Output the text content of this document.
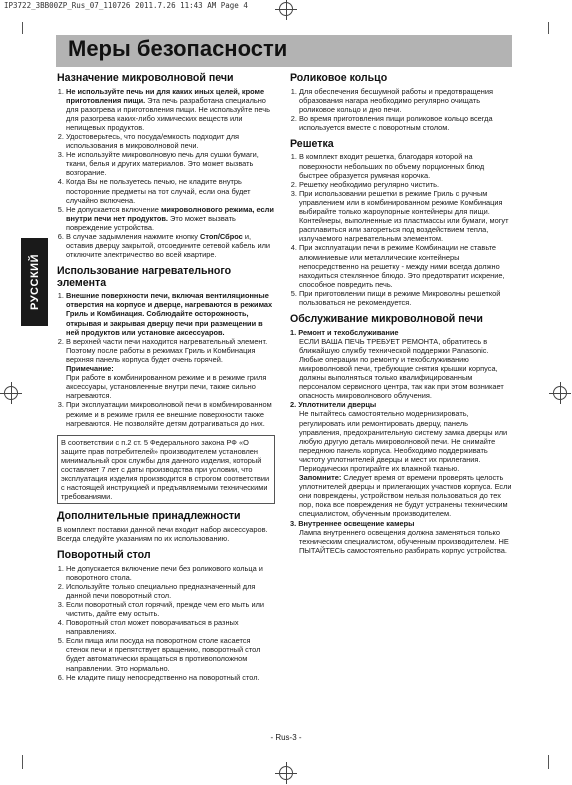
IP3722_3BB00ZP_Rus_07_110726 2011.7.26 11:43 AM Page 4
Меры безопасности
РУССКИЙ
Назначение микроволновой печи
1. Не используйте печь ни для каких иных целей, кроме приготовления пищи. Эта печь разработана специально для разогрева и приготовления пищи. Не используйте печь для разогрева каких-либо химических веществ или непищевых продуктов.
2. Удостоверьтесь, что посуда/емкость подходит для использования в микроволновой печи.
3. Не используйте микроволновую печь для сушки бумаги, ткани, белья и других материалов. Это может вызвать возгорание.
4. Когда Вы не пользуетесь печью, не кладите внутрь посторонние предметы на тот случай, если она будет случайно включена.
5. Не допускается включение микроволнового режима, если внутри печи нет продуктов. Это может вызвать повреждение устройства.
6. В случае задымления нажмите кнопку Стоп/Сброс и, оставив дверцу закрытой, отсоедините сетевой кабель или отключите электричество во всей квартире.
Использование нагревательного элемента
1. Внешние поверхности печи, включая вентиляционные отверстия на корпусе и дверце, нагреваются в режимах Гриль и Комбинация. Соблюдайте осторожность, открывая и закрывая дверцу печи при размещении в ней продуктов или установке аксессуаров.
2. В верхней части печи находится нагревательный элемент. Поэтому после работы в режимах Гриль и Комбинация верхняя панель корпуса будет очень горячей.
Примечание:
При работе в комбинированном режиме и в режиме гриля аксессуары, установленные внутри печи, также сильно нагреваются.
3. При эксплуатации микроволновой печи в комбинированном режиме и в режиме гриля ее внешние поверхности также нагреваются. Не позволяйте детям дотрагиваться до них.
В соответствии с п.2 ст. 5 Федерального закона РФ «О защите прав потребителей» производителем установлен минимальный срок службы для данного изделия, который составляет 7 лет с даты производства при условии, что эксплуатация изделия производится в строгом соответствии с настоящей инструкцией и предъявляемыми техническими требованиями.
Дополнительные принадлежности

В комплект поставки данной печи входит набор аксессуаров. Всегда следуйте указаниям по их использованию.

Поворотный стол
1. Не допускается включение печи без роликового кольца и поворотного стола.
2. Используйте только специально предназначенный для данной печи поворотный стол.
3. Если поворотный стол горячий, прежде чем его мыть или чистить, дайте ему остыть.
4. Поворотный стол может поворачиваться в разных направлениях.
5. Если пища или посуда на поворотном столе касается стенок печи и препятствует вращению, поворотный стол будет автоматически вращаться в противоположном направлении. Это нормально.
6. Не кладите пищу непосредственно на поворотный стол.
Роликовое кольцо
1. Для обеспечения бесшумной работы и предотвращения образования нагара необходимо регулярно очищать роликовое кольцо и дно печи.
2. Во время приготовления пищи роликовое кольцо всегда используется вместе с поворотным столом.
Решетка
1. В комплект входит решетка, благодаря которой на поверхности небольших по объему порционных блюд быстрее образуется румяная корочка.
2. Решетку необходимо регулярно чистить.
3. При использовании решетки в режиме Гриль с ручным управлением или в комбинированном режиме Комбинация выбирайте только жароупорные контейнеры для пищи. Контейнеры, выполненные из пластмассы или бумаги, могут расплавиться или загореться под воздействием тепла, излучаемого нагревательным элементом.
4. При эксплуатации печи в режиме Комбинации не ставьте алюминиевые или металлические контейнеры непосредственно на решетку - между ними всегда должно находиться стеклянное блюдо. Это предотвратит искрение, способное повредить печь.
5. При приготовлении пищи в режиме Микроволны решеткой пользоваться не рекомендуется.
Обслуживание микроволновой печи
1. Ремонт и техобслуживание
ЕСЛИ ВАША ПЕЧЬ ТРЕБУЕТ РЕМОНТА, обратитесь в ближайшую службу технической поддержки Panasonic. Любые операции по ремонту и техобслуживанию микроволновой печи, требующие снятия крышки корпуса, должны выполняться только квалифицированным персоналом сервисного центра, так как при этом возникает опасность микроволнового облучения.
2. Уплотнители дверцы
Не пытайтесь самостоятельно модернизировать, регулировать или ремонтировать дверцу, панель управления, предохранительную систему замка дверцы или любую другую деталь микроволновой печи. Не снимайте переднюю панель корпуса. Необходимо поддерживать чистоту уплотнителей дверцы и мест их прилегания. Периодически протирайте их влажной тканью.
Запомните: Следует время от времени проверять целость уплотнителей дверцы и прилегающих участков корпуса. Если они повреждены, устройством нельзя пользоваться до тех пор, пока все повреждения не будут устранены техническим специалистом, обученным производителем.
3. Внутреннее освещение камеры
Лампа внутреннего освещения должна заменяться только техническим специалистом, обученным производителем. НЕ ПЫТАЙТЕСЬ самостоятельно разбирать корпус устройства.
- Rus-3 -
